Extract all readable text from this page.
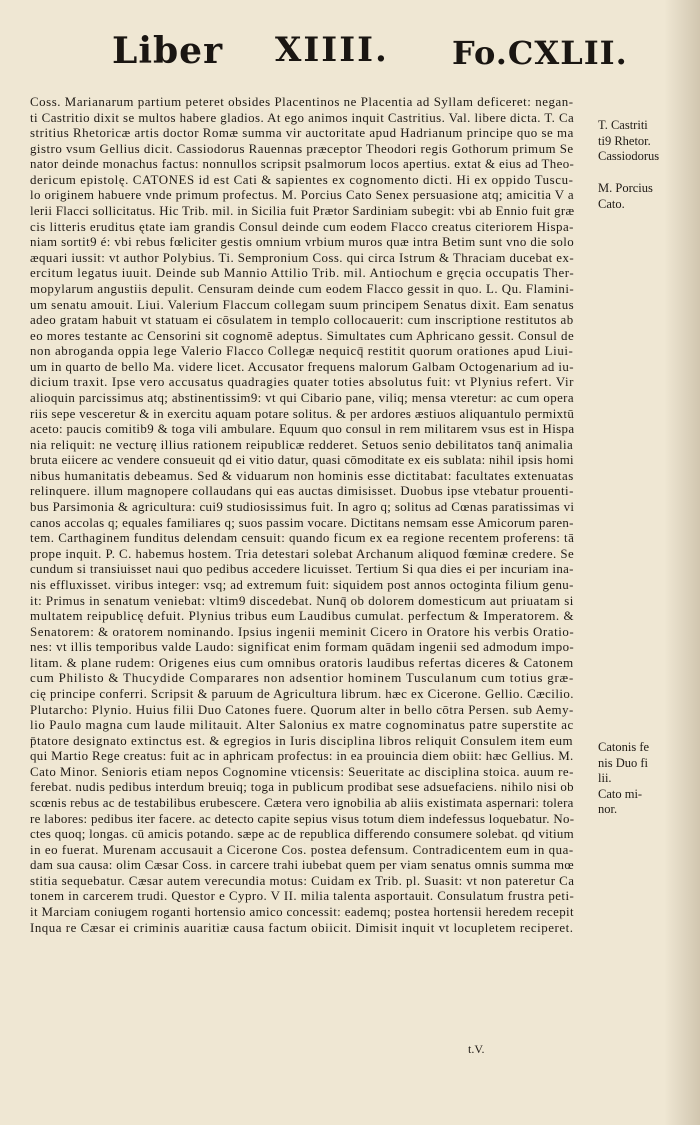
Liber XIIII. Fo.CXLII.
Coss. Marianarum partium peteret obsides Placentinos ne Placentia ad Syllam deficeret: negan-
ti Castritio dixit se multos habere gladios. At ego animos inquit Castritius. Val. libere dicta. T. Ca
stritius Rhetoricæ artis doctor Romæ summa vir auctoritate apud Hadrianum principe quo se ma
gistro vsum Gellius dicit. Cassiodorus Rauennas præceptor Theodori regis Gothorum primum Se
nator deinde monachus factus: nonnullos scripsit psalmorum locos apertius. extat & eius ad Theo-
dericum epistolę. CATONES id est Cati & sapientes ex cognomento dicti. Hi ex oppido Tuscu-
lo originem habuere vnde primum profectus. M. Porcius Cato Senex persuasione atq; amicitia V a
lerii Flacci sollicitatus. Hic Trib. mil. in Sicilia fuit Prætor Sardiniam subegit: vbi ab Ennio fuit græ
cis litteris eruditus ętate iam grandis Consul deinde cum eodem Flacco creatus citeriorem Hispa-
niam sortit9 é: vbi rebus fœliciter gestis omnium vrbium muros quæ intra Betim sunt vno die solo
æquari iussit: vt author Polybius. Ti. Sempronium Coss. qui circa Istrum & Thraciam ducebat ex-
ercitum legatus iuuit. Deinde sub Mannio Attilio Trib. mil. Antiochum e gręcia occupatis Ther-
mopylarum angustiis depulit. Censuram deinde cum eodem Flacco gessit in quo. L. Qu. Flamini-
um senatu amouit. Liui. Valerium Flaccum collegam suum principem Senatus dixit. Eam senatus
adeo gratam habuit vt statuam ei cōsulatem in templo collocauerit: cum inscriptione restitutos ab
eo mores testante ac Censorini sit cognomē adeptus. Simultates cum Aphricano gessit. Consul de
non abroganda oppia lege Valerio Flacco Collegæ nequicq̄ restitit quorum orationes apud Liui-
um in quarto de bello Ma. videre licet. Accusator frequens malorum Galbam Octogenarium ad iu-
dicium traxit. Ipse vero accusatus quadragies quater toties absolutus fuit: vt Plynius refert. Vir
alioquin parcissimus atq; abstinentissim9: vt qui Cibario pane, viliq; mensa vteretur: ac cum opera
riis sepe vesceretur & in exercitu aquam potare solitus. & per ardores æstiuos aliquantulo permixtū
aceto: paucis comitib9 & toga vili ambulare. Equum quo consul in rem militarem vsus est in Hispa
nia reliquit: ne vecturę illius rationem reipublicæ redderet. Setuos senio debilitatos tanq̄ animalia
bruta eiicere ac vendere consueuit qd ei vitio datur, quasi cōmoditate ex eis sublata: nihil ipsis homi
nibus humanitatis debeamus. Sed & viduarum non hominis esse dictitabat: facultates extenuatas
relinquere. illum magnopere collaudans qui eas auctas dimisisset. Duobus ipse vtebatur prouenti-
bus Parsimonia & agricultura: cui9 studiosissimus fuit. In agro q; solitus ad Cœnas paratissimas vi
canos accolas q; equales familiares q; suos passim vocare. Dictitans nemsam esse Amicorum paren-
tem. Carthaginem funditus delendam censuit: quando ficum ex ea regione recentem proferens: tā
prope inquit. P. C. habemus hostem. Tria detestari solebat Archanum aliquod fœminæ credere. Se
cundum si transiuisset naui quo pedibus accedere licuisset. Tertium Si qua dies ei per incuriam ina-
nis effluxisset. viribus integer: vsq; ad extremum fuit: siquidem post annos octoginta filium genu-
it: Primus in senatum veniebat: vltim9 discedebat. Nunq̄ ob dolorem domesticum aut priuatam si
multatem reipublicę defuit. Plynius tribus eum Laudibus cumulat. perfectum & Imperatorem. &
Senatorem: & oratorem nominando. Ipsius ingenii meminit Cicero in Oratore his verbis Oratio-
nes: vt illis temporibus valde Laudo: significat enim formam quādam ingenii sed admodum impo-
litam. & plane rudem: Origenes eius cum omnibus oratoris laudibus refertas diceres & Catonem
cum Philisto & Thucydide Comparares non adsentior hominem Tusculanum cum totius græ-
cię principe conferri. Scripsit & paruum de Agricultura librum. hæc ex Cicerone. Gellio. Cæcilio.
Plutarcho: Plynio. Huius filii Duo Catones fuere. Quorum alter in bello cōtra Persen. sub Aemy-
lio Paulo magna cum laude militauit. Alter Salonius ex matre cognominatus patre superstite ac
p̄tatore designato extinctus est. & egregios in Iuris disciplina libros reliquit Consulem item eum
qui Martio Rege creatus: fuit ac in aphricam profectus: in ea prouincia diem obiit: hæc Gellius. M.
Cato Minor. Senioris etiam nepos Cognomine vticensis: Seueritate ac disciplina stoica. auum re-
ferebat. nudis pedibus interdum breuiq; toga in publicum prodibat sese adsuefaciens. nihilo nisi ob
scœnis rebus ac de testabilibus erubescere. Cætera vero ignobilia ab aliis existimata aspernari: tolera
re labores: pedibus iter facere. ac detecto capite sepius visus totum diem indefessus loquebatur. No-
ctes quoq; longas. cū amicis potando. sæpe ac de republica differendo consumere solebat. qd vitium
in eo fuerat. Murenam accusauit a Cicerone Cos. postea defensum. Contradicentem eum in qua-
dam sua causa: olim Cæsar Coss. in carcere trahi iubebat quem per viam senatus omnis summa mœ
stitia sequebatur. Cæsar autem verecundia motus: Cuidam ex Trib. pl. Suasit: vt non pateretur Ca
tonem in carcerem trudi. Questor e Cypro. V II. milia talenta asportauit. Consulatum frustra peti-
it Marciam coniugem roganti hortensio amico concessit: eademq; postea hortensii heredem recepit
Inqua re Cæsar ei criminis auaritiæ causa factum obiicit. Dimisit inquit vt locupletem reciperet.
T. Castriti
ti9 Rhetor.
Cassiodorus
M. Porcius
Cato.
Catonis fe
nis Duo fi
lii.
Cato mi-
nor.
t.V.
